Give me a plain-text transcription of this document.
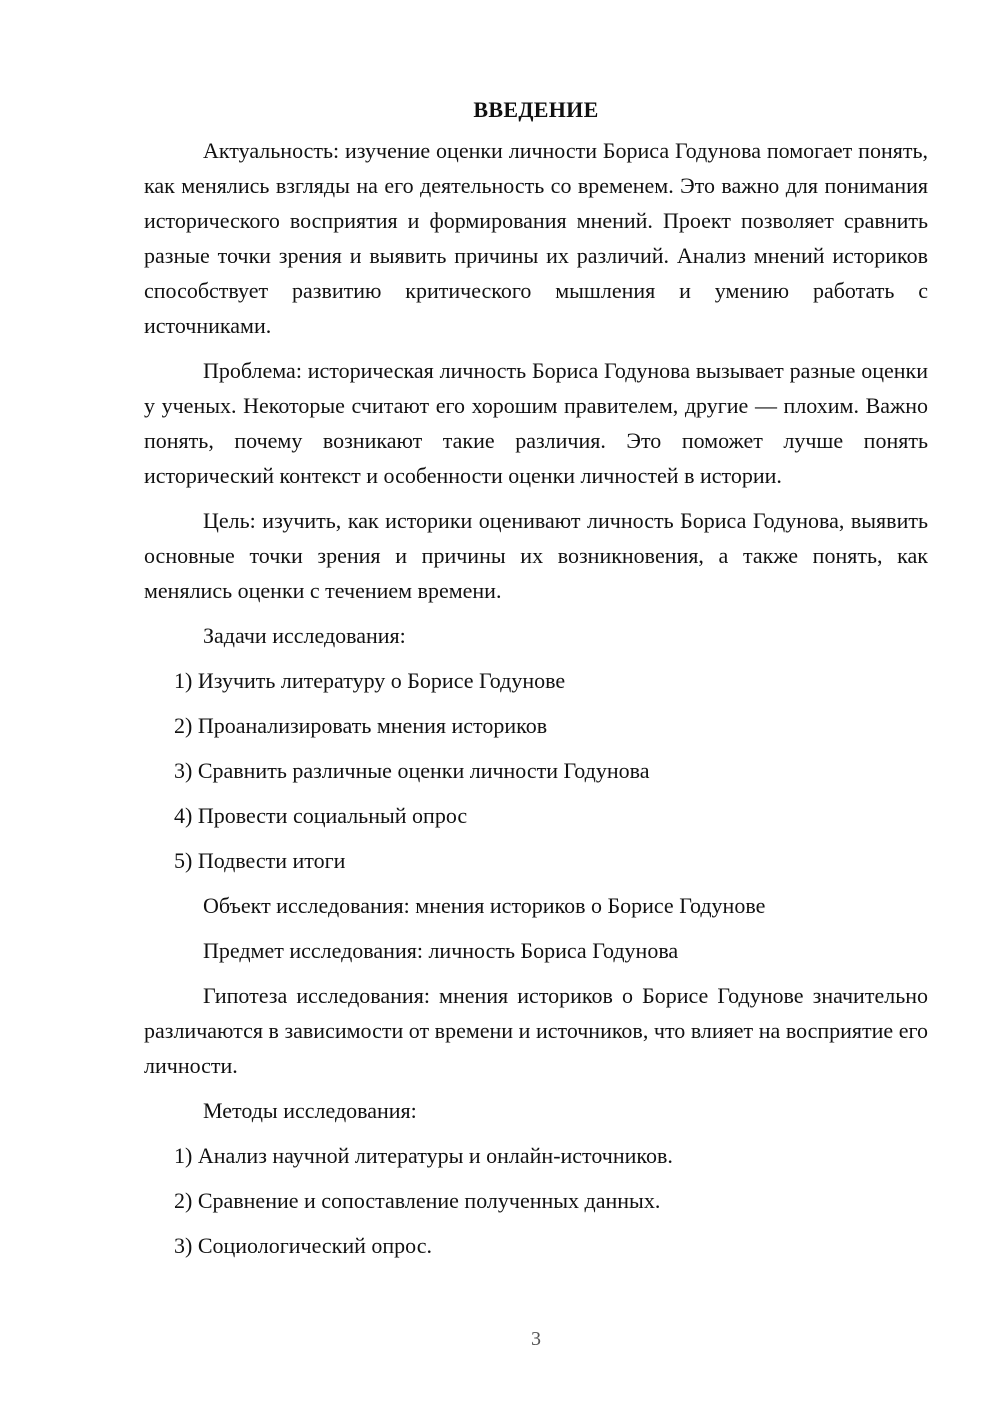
ВВЕДЕНИЕ

Актуальность: изучение оценки личности Бориса Годунова помогает понять, как менялись взгляды на его деятельность со временем. Это важно для понимания исторического восприятия и формирования мнений. Проект позволяет сравнить разные точки зрения и выявить причины их различий. Анализ мнений историков способствует развитию критического мышления и умению работать с источниками.

Проблема: историческая личность Бориса Годунова вызывает разные оценки у ученых. Некоторые считают его хорошим правителем, другие — плохим. Важно понять, почему возникают такие различия. Это поможет лучше понять исторический контекст и особенности оценки личностей в истории.

Цель: изучить, как историки оценивают личность Бориса Годунова, выявить основные точки зрения и причины их возникновения, а также понять, как менялись оценки с течением времени.

Задачи исследования:

1) Изучить литературу о Борисе Годунове

2) Проанализировать мнения историков

3) Сравнить различные оценки личности Годунова

4) Провести социальный опрос

5) Подвести итоги

Объект исследования: мнения историков о Борисе Годунове

Предмет исследования: личность Бориса Годунова

Гипотеза исследования: мнения историков о Борисе Годунове значительно различаются в зависимости от времени и источников, что влияет на восприятие его личности.

Методы исследования:

1) Анализ научной литературы и онлайн-источников.

2) Сравнение и сопоставление полученных данных.

3) Социологический опрос.

3
